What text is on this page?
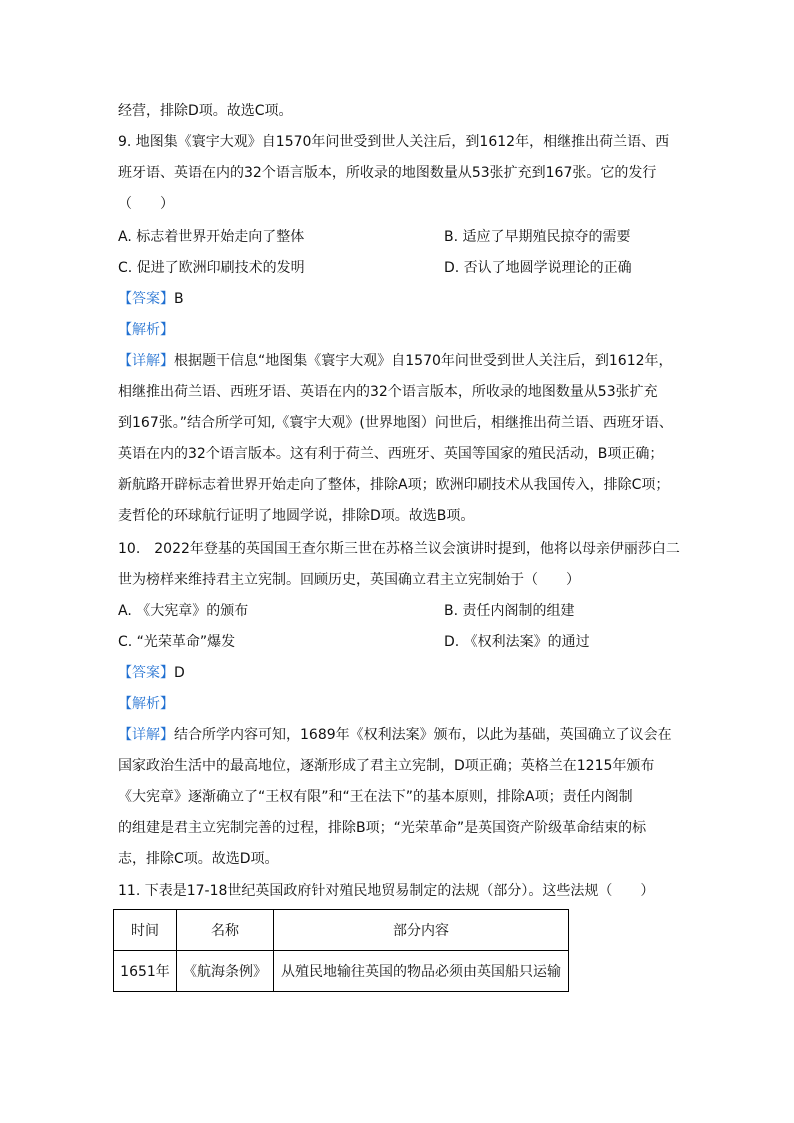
经营，排除D项。故选C项。
9. 地图集《寰宇大观》自1570年问世受到世人关注后，到1612年，相继推出荷兰语、西
班牙语、英语在内的32个语言版本，所收录的地图数量从53张扩充到167张。它的发行
（　　）
A. 标志着世界开始走向了整体	B. 适应了早期殖民掠夺的需要
C. 促进了欧洲印刷技术的发明	D. 否认了地圆学说理论的正确
【答案】B
【解析】
【详解】根据题干信息“地图集《寰宇大观》自1570年问世受到世人关注后，到1612年，
相继推出荷兰语、西班牙语、英语在内的32个语言版本，所收录的地图数量从53张扩充
到167张。”结合所学可知,《寰宇大观》(世界地图）问世后，相继推出荷兰语、西班牙语、
英语在内的32个语言版本。这有利于荷兰、西班牙、英国等国家的殖民活动，B项正确；
新航路开辟标志着世界开始走向了整体，排除A项；欧洲印刷技术从我国传入，排除C项；
麦哲伦的环球航行证明了地圆学说，排除D项。故选B项。
10.　2022年登基的英国国王查尔斯三世在苏格兰议会演讲时提到，他将以母亲伊丽莎白二
世为榜样来维持君主立宪制。回顾历史，英国确立君主立宪制始于（　　）
A. 《大宪章》的颁布	B. 责任内阁制的组建
C. “光荣革命”爆发	D. 《权利法案》的通过
【答案】D
【解析】
【详解】结合所学内容可知，1689年《权利法案》颁布，以此为基础，英国确立了议会在
国家政治生活中的最高地位，逐渐形成了君主立宪制，D项正确；英格兰在1215年颁布
《大宪章》逐渐确立了“王权有限”和“王在法下”的基本原则，排除A项；责任内阁制
的组建是君主立宪制完善的过程，排除B项；“光荣革命”是英国资产阶级革命结束的标
志，排除C项。故选D项。
11. 下表是17-18世纪英国政府针对殖民地贸易制定的法规（部分）。这些法规（　　）
时间	名称	部分内容
1651年	《航海条例》	从殖民地输往英国的物品必须由英国船只运输
